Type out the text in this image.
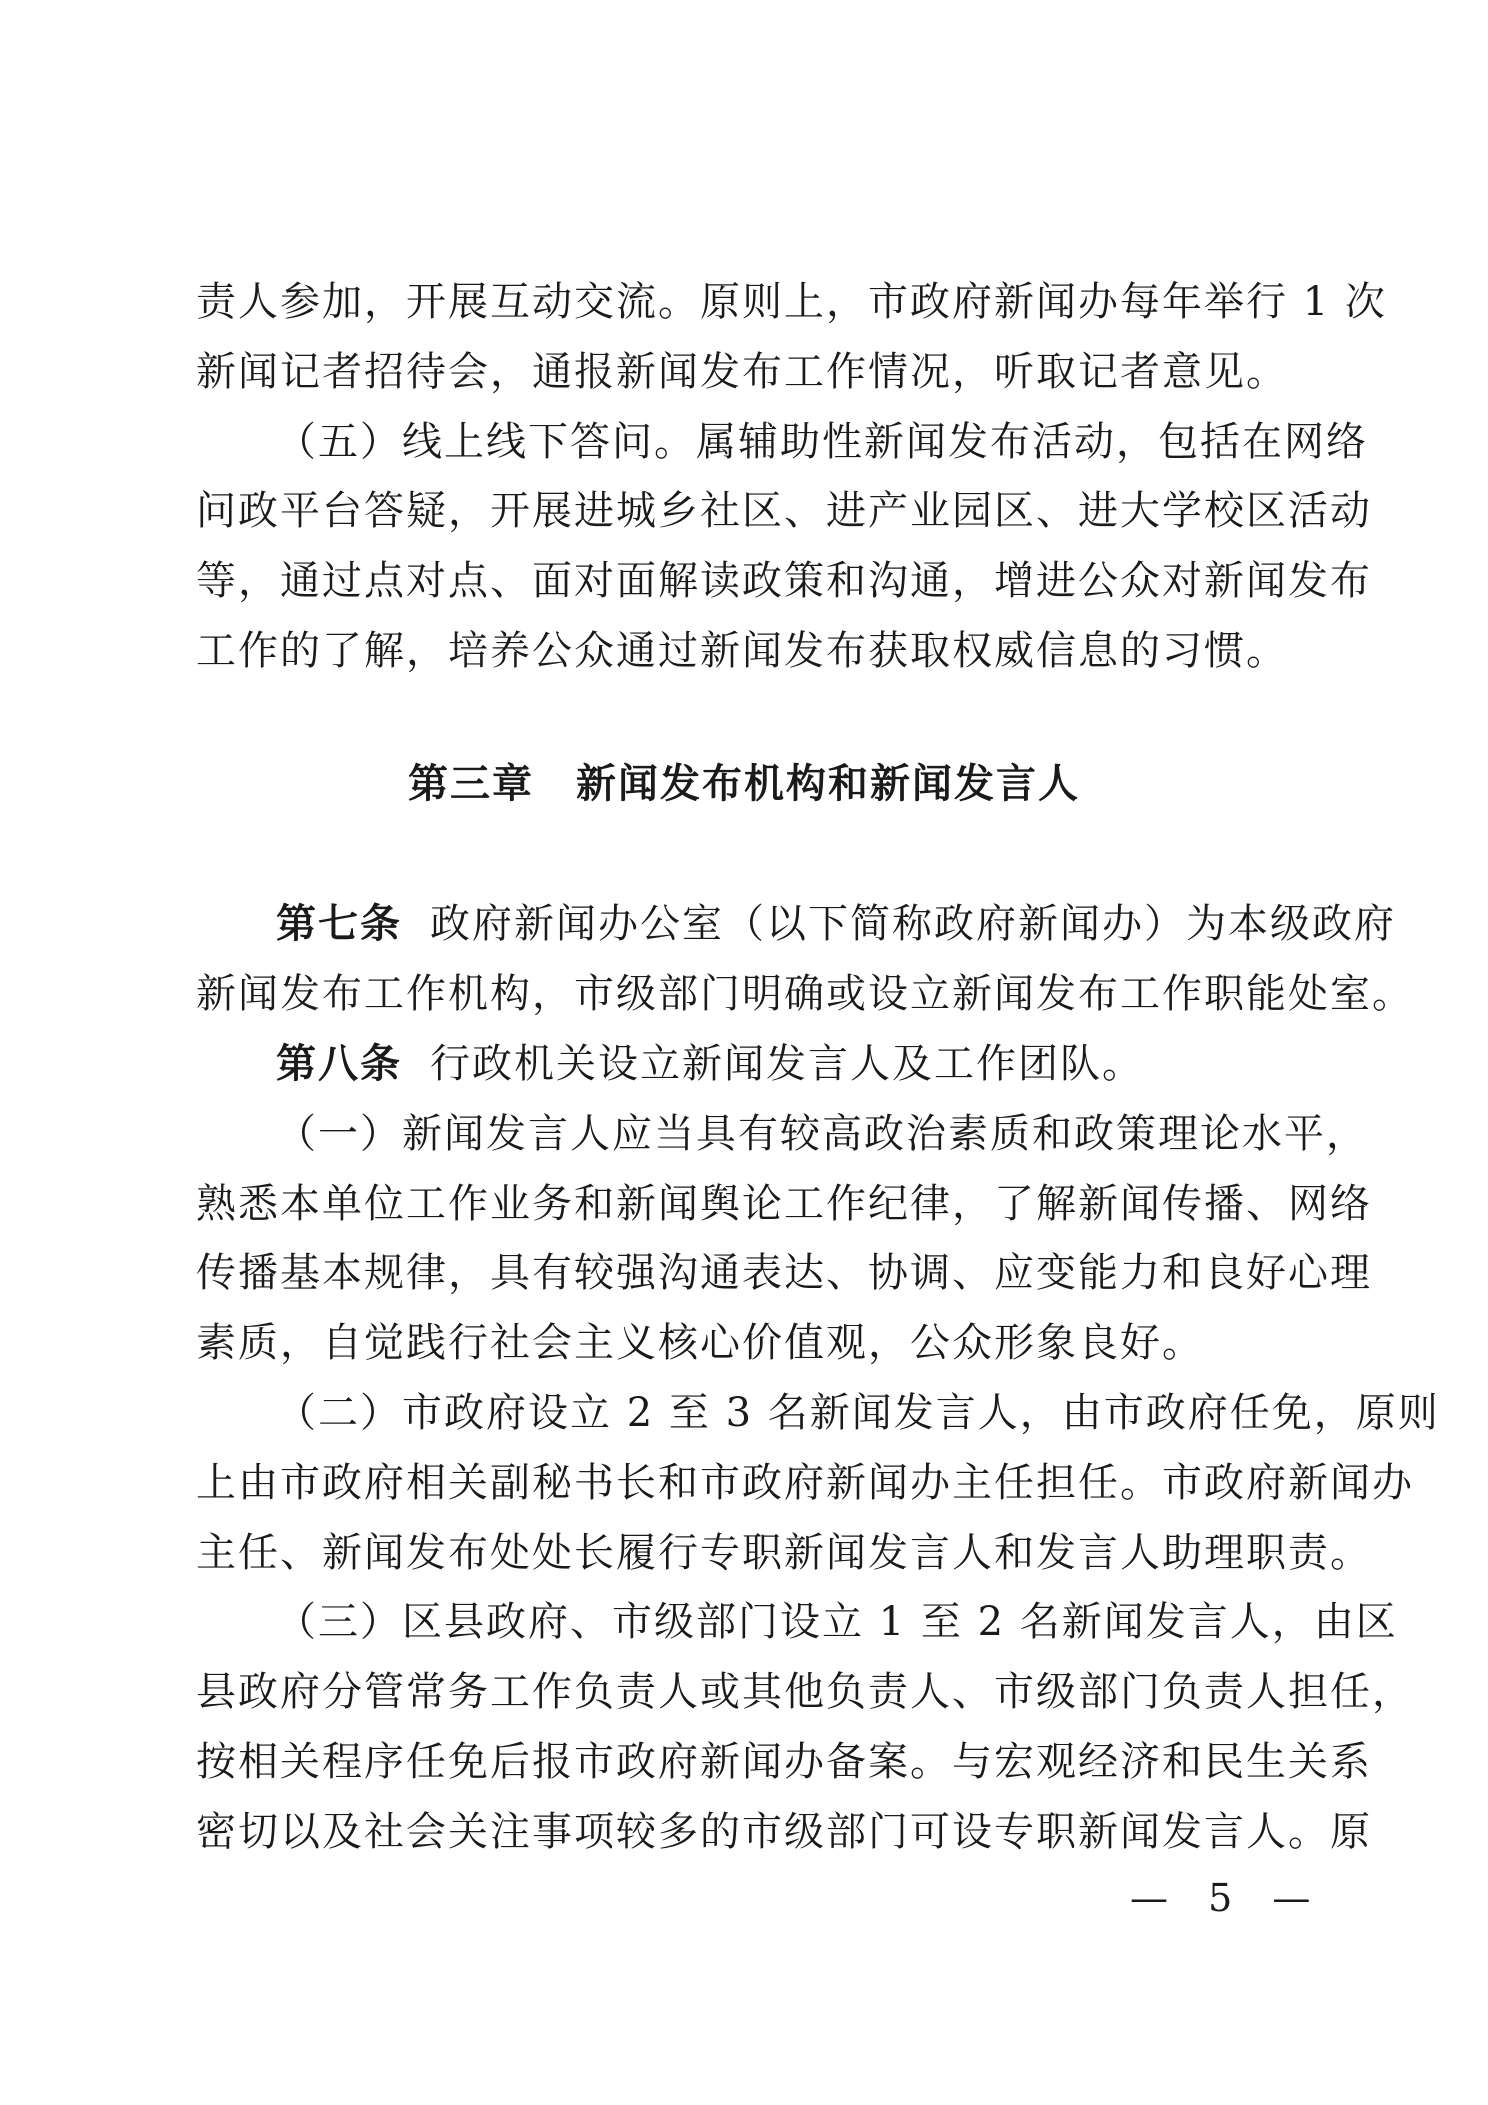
责人参加，开展互动交流。原则上，市政府新闻办每年举行 1 次
新闻记者招待会，通报新闻发布工作情况，听取记者意见。
（五）线上线下答问。属辅助性新闻发布活动，包括在网络
问政平台答疑，开展进城乡社区、进产业园区、进大学校区活动
等，通过点对点、面对面解读政策和沟通，增进公众对新闻发布
工作的了解，培养公众通过新闻发布获取权威信息的习惯。
第三章　新闻发布机构和新闻发言人
第七条 政府新闻办公室（以下简称政府新闻办）为本级政府
新闻发布工作机构，市级部门明确或设立新闻发布工作职能处室。
第八条 行政机关设立新闻发言人及工作团队。
（一）新闻发言人应当具有较高政治素质和政策理论水平，
熟悉本单位工作业务和新闻舆论工作纪律，了解新闻传播、网络
传播基本规律，具有较强沟通表达、协调、应变能力和良好心理
素质，自觉践行社会主义核心价值观，公众形象良好。
（二）市政府设立 2 至 3 名新闻发言人，由市政府任免，原则
上由市政府相关副秘书长和市政府新闻办主任担任。市政府新闻办
主任、新闻发布处处长履行专职新闻发言人和发言人助理职责。
（三）区县政府、市级部门设立 1 至 2 名新闻发言人，由区
县政府分管常务工作负责人或其他负责人、市级部门负责人担任，
按相关程序任免后报市政府新闻办备案。与宏观经济和民生关系
密切以及社会关注事项较多的市级部门可设专职新闻发言人。原
— 5 —
